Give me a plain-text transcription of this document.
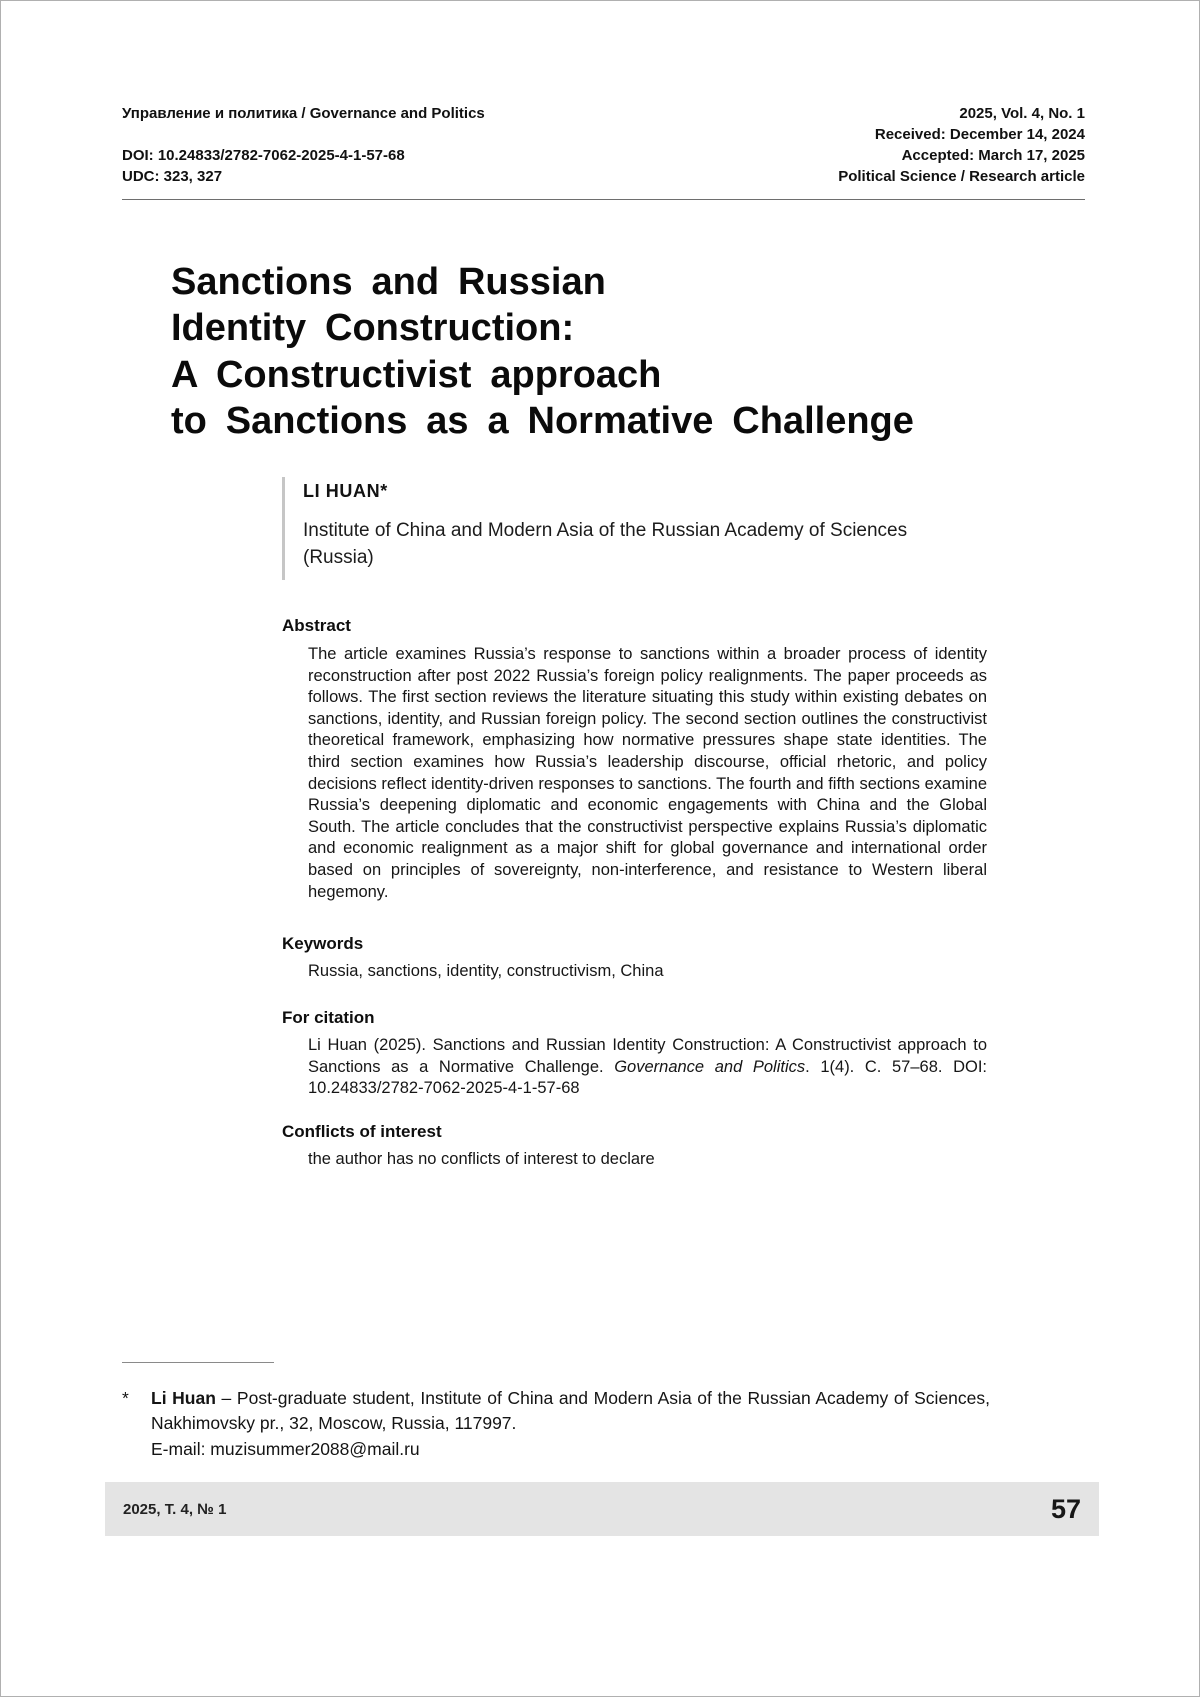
Управление и политика / Governance and Politics
DOI: 10.24833/2782-7062-2025-4-1-57-68
UDC: 323, 327
2025, Vol. 4, No. 1
Received: December 14, 2024
Accepted: March 17, 2025
Political Science / Research article
Sanctions and Russian
Identity Construction:
A Constructivist approach
to Sanctions as a Normative Challenge
LI HUAN*
Institute of China and Modern Asia of the Russian Academy of Sciences (Russia)
Abstract
The article examines Russia’s response to sanctions within a broader process of identity reconstruction after post 2022 Russia’s foreign policy realignments. The paper proceeds as follows. The first section reviews the literature situating this study within existing debates on sanctions, identity, and Russian foreign policy. The second section outlines the constructivist theoretical framework, emphasizing how normative pressures shape state identities. The third section examines how Russia’s leadership discourse, official rhetoric, and policy decisions reflect identity-driven responses to sanctions. The fourth and fifth sections examine Russia’s deepening diplomatic and economic engagements with China and the Global South. The article concludes that the constructivist perspective explains Russia’s diplomatic and economic realignment as a major shift for global governance and international order based on principles of sovereignty, non-interference, and resistance to Western liberal hegemony.
Keywords
Russia, sanctions, identity, constructivism, China
For citation
Li Huan (2025). Sanctions and Russian Identity Construction: A Constructivist approach to Sanctions as a Normative Challenge. Governance and Politics. 1(4). C. 57–68. DOI: 10.24833/2782-7062-2025-4-1-57-68
Conflicts of interest
the author has no conflicts of interest to declare
* Li Huan – Post-graduate student, Institute of China and Modern Asia of the Russian Academy of Sciences, Nakhimovsky pr., 32, Moscow, Russia, 117997.
E-mail: muzisummer2088@mail.ru
2025, Т. 4, № 1	57
